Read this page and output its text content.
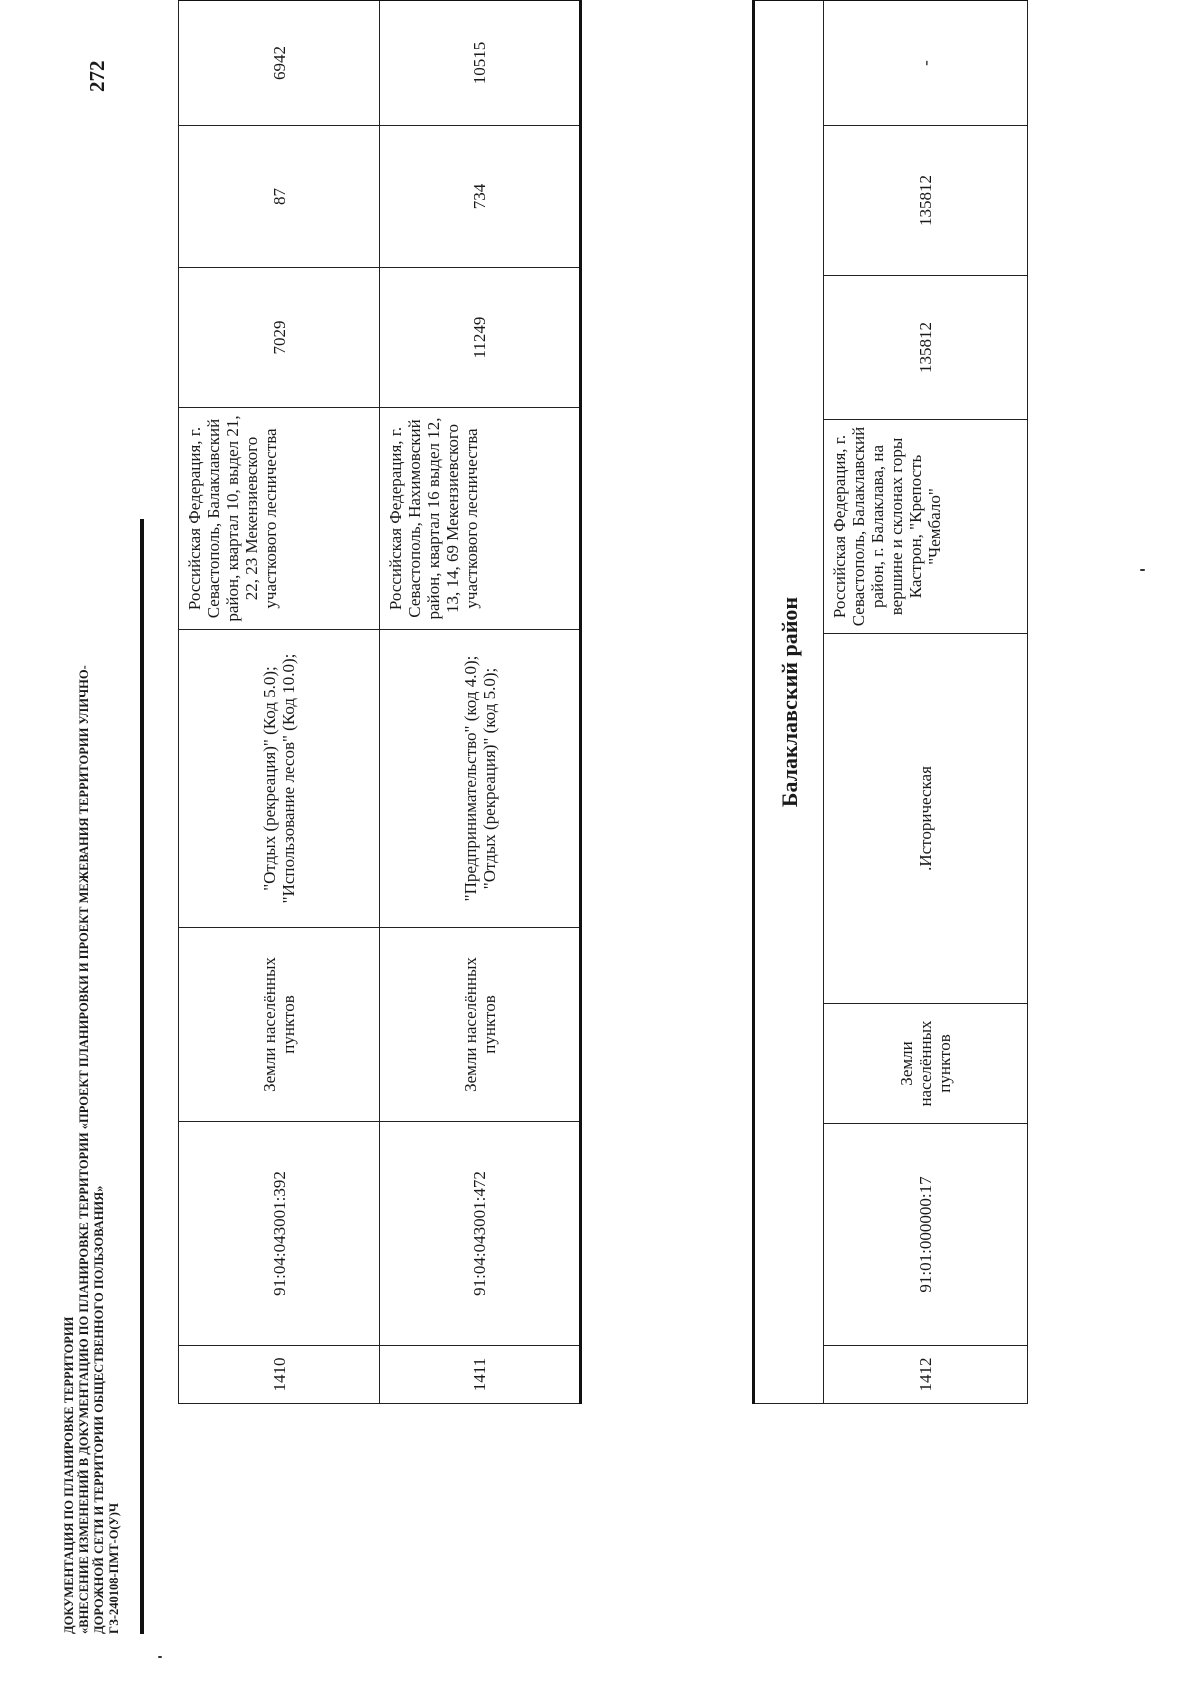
ДОКУМЕНТАЦИЯ ПО ПЛАНИРОВКЕ ТЕРРИТОРИИ «ВНЕСЕНИЕ ИЗМЕНЕНИЙ В ДОКУМЕНТАЦИЮ ПО ПЛАНИРОВКЕ ТЕРРИТОРИИ «ПРОЕКТ ПЛАНИРОВКИ И ПРОЕКТ МЕЖЕВАНИЯ ТЕРРИТОРИИ УЛИЧНО- ДОРОЖНОЙ СЕТИ И ТЕРРИТОРИИ ОБЩЕСТВЕННОГО ПОЛЬЗОВАНИЯ» ГЗ-240108-ПМТ-О(У)Ч
272
1410	91:04:043001:392	Земли населённых пунктов	"Отдых (рекреация)" (Код 5.0); "Использование лесов" (Код 10.0);	Российская Федерация, г. Севастополь, Балаклавский район, квартал 10, выдел 21, 22, 23 Мекензиевского участкового лесничества	7029	87	6942
1411	91:04:043001:472	Земли населённых пунктов	"Предпринимательство" (код 4.0); "Отдых (рекреация)" (код 5.0);	Российская Федерация, г. Севастополь, Нахимовский район, квартал 16 выдел 12, 13, 14, 69 Мекензиевского участкового лесничества	11249	734	10515
Балаклавский район
1412	91:01:000000:17	Земли населённых пунктов	.Историческая	Российская Федерация, г. Севастополь, Балаклавский район, г. Балаклава, на вершине и склонах горы Кастрон, "Крепость "Чембало"	135812	135812	-
